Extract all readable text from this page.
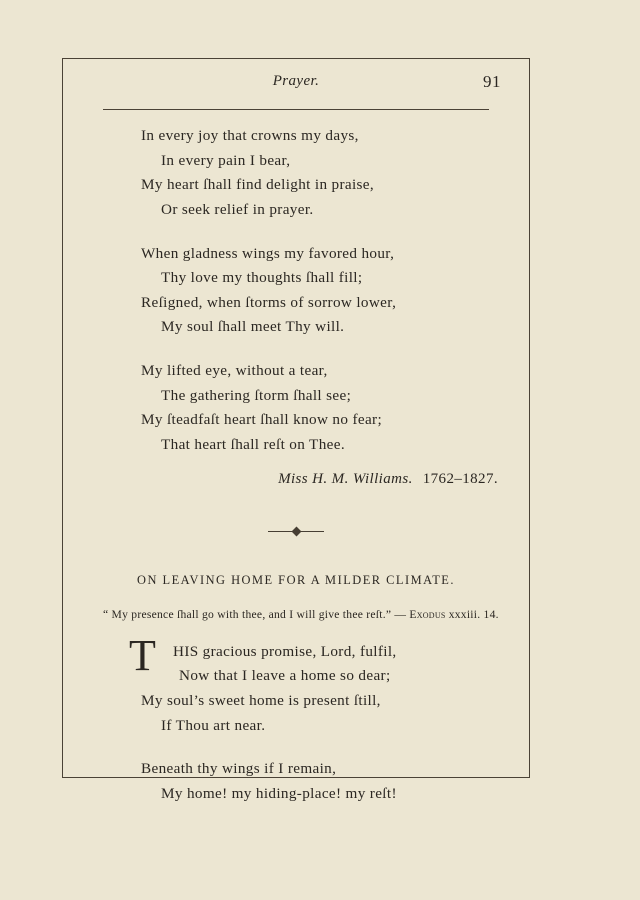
Prayer.	91
In every joy that crowns my days,
In every pain I bear,
My heart ſhall find delight in praise,
Or seek relief in prayer.
When gladness wings my favored hour,
Thy love my thoughts ſhall fill;
Reſigned, when ſtorms of sorrow lower,
My soul ſhall meet Thy will.
My lifted eye, without a tear,
The gathering ſtorm ſhall see;
My ſteadfaſt heart ſhall know no fear;
That heart ſhall reſt on Thee.
Miss H. M. Williams. 1762–1827.
ON LEAVING HOME FOR A MILDER CLIMATE.
“ My presence ſhall go with thee, and I will give thee reſt.” — Exodus xxxiii. 14.
T	HIS gracious promise, Lord, fulfil,
Now that I leave a home so dear;
My soul’s sweet home is present ſtill,
If Thou art near.
Beneath thy wings if I remain,
My home! my hiding-place! my reſt!
